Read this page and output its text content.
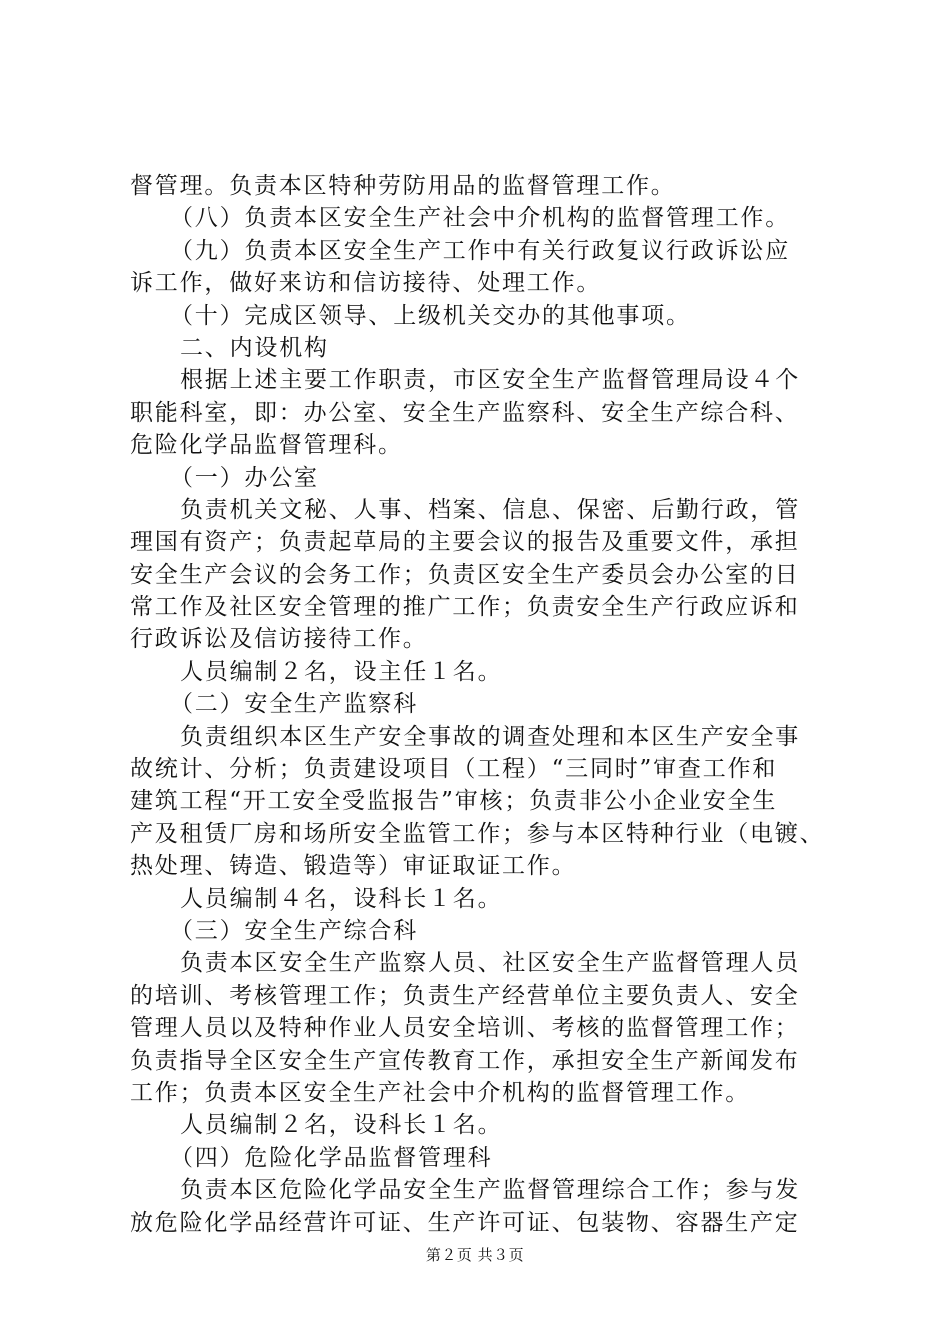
督管理。负责本区特种劳防用品的监督管理工作。
（八）负责本区安全生产社会中介机构的监督管理工作。
（九）负责本区安全生产工作中有关行政复议行政诉讼应
诉工作，做好来访和信访接待、处理工作。
（十）完成区领导、上级机关交办的其他事项。
二、内设机构
根据上述主要工作职责，市区安全生产监督管理局设４个
职能科室，即：办公室、安全生产监察科、安全生产综合科、
危险化学品监督管理科。
（一）办公室
负责机关文秘、人事、档案、信息、保密、后勤行政，管
理国有资产；负责起草局的主要会议的报告及重要文件，承担
安全生产会议的会务工作；负责区安全生产委员会办公室的日
常工作及社区安全管理的推广工作；负责安全生产行政应诉和
行政诉讼及信访接待工作。
人员编制２名，设主任１名。
（二）安全生产监察科
负责组织本区生产安全事故的调查处理和本区生产安全事
故统计、分析；负责建设项目（工程）“三同时”审查工作和
建筑工程“开工安全受监报告”审核；负责非公小企业安全生
产及租赁厂房和场所安全监管工作；参与本区特种行业（电镀、
热处理、铸造、锻造等）审证取证工作。
人员编制４名，设科长１名。
（三）安全生产综合科
负责本区安全生产监察人员、社区安全生产监督管理人员
的培训、考核管理工作；负责生产经营单位主要负责人、安全
管理人员以及特种作业人员安全培训、考核的监督管理工作；
负责指导全区安全生产宣传教育工作，承担安全生产新闻发布
工作；负责本区安全生产社会中介机构的监督管理工作。
人员编制２名，设科长１名。
（四）危险化学品监督管理科
负责本区危险化学品安全生产监督管理综合工作；参与发
放危险化学品经营许可证、生产许可证、包装物、容器生产定
第２页 共３页
